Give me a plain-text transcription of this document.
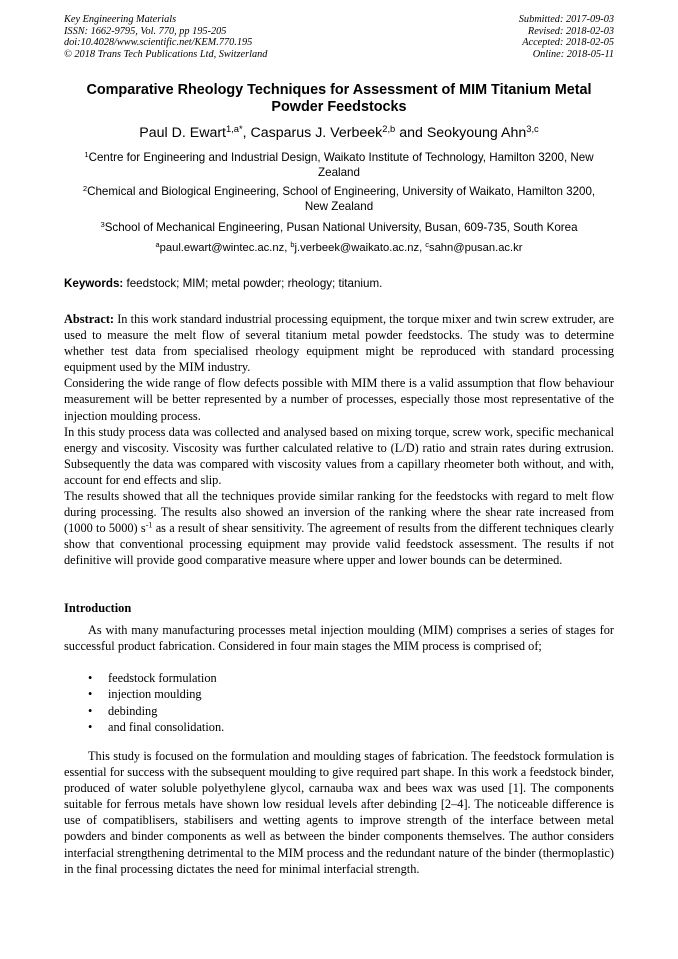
Key Engineering Materials
ISSN: 1662-9795, Vol. 770, pp 195-205
doi:10.4028/www.scientific.net/KEM.770.195
© 2018 Trans Tech Publications Ltd, Switzerland
Submitted: 2017-09-03
Revised: 2018-02-03
Accepted: 2018-02-05
Online: 2018-05-11
Comparative Rheology Techniques for Assessment of MIM Titanium Metal Powder Feedstocks
Paul D. Ewart$^{1,a*}$, Casparus J. Verbeek$^{2,b}$ and Seokyoung Ahn$^{3,c}$
$^1$Centre for Engineering and Industrial Design, Waikato Institute of Technology, Hamilton 3200, New Zealand
$^2$Chemical and Biological Engineering, School of Engineering, University of Waikato, Hamilton 3200, New Zealand
$^3$School of Mechanical Engineering, Pusan National University, Busan, 609-735, South Korea
$^a$paul.ewart@wintec.ac.nz, $^b$j.verbeek@waikato.ac.nz, $^c$sahn@pusan.ac.kr
Keywords: feedstock; MIM; metal powder; rheology; titanium.

Abstract: In this work standard industrial processing equipment, the torque mixer and twin screw extruder, are used to measure the melt flow of several titanium metal powder feedstocks. The study was to determine whether test data from specialised rheology equipment might be reproduced with standard processing equipment used by the MIM industry.

Considering the wide range of flow defects possible with MIM there is a valid assumption that flow behaviour measurement will be better represented by a number of processes, especially those most representative of the injection moulding process.

In this study process data was collected and analysed based on mixing torque, screw work, specific mechanical energy and viscosity. Viscosity was further calculated relative to (L/D) ratio and strain rates during extrusion. Subsequently the data was compared with viscosity values from a capillary rheometer both without, and with, account for end effects and slip.

The results showed that all the techniques provide similar ranking for the feedstocks with regard to melt flow during processing. The results also showed an inversion of the ranking where the shear rate increased from (1000 to 5000) $s^{-1}$ as a result of shear sensitivity. The agreement of results from the different techniques clearly show that conventional processing equipment may provide valid feedstock assessment. The results if not definitive will provide good comparative measure where upper and lower bounds can be determined.

Introduction

As with many manufacturing processes metal injection moulding (MIM) comprises a series of stages for successful product fabrication. Considered in four main stages the MIM process is comprised of;

• feedstock formulation
• injection moulding
• debinding
• and final consolidation.

This study is focused on the formulation and moulding stages of fabrication. The feedstock formulation is essential for success with the subsequent moulding to give required part shape. In this work a feedstock binder, produced of water soluble polyethylene glycol, carnauba wax and bees wax was used [1]. The components suitable for ferrous metals have shown low residual levels after debinding [2–4]. The noticeable difference is use of compatiblisers, stabilisers and wetting agents to improve strength of the interface between metal powders and binder components as well as between the binder components themselves. The author considers interfacial strengthening detrimental to the MIM process and the redundant nature of the binder (thermoplastic) in the final processing dictates the need for minimal interfacial strength.
